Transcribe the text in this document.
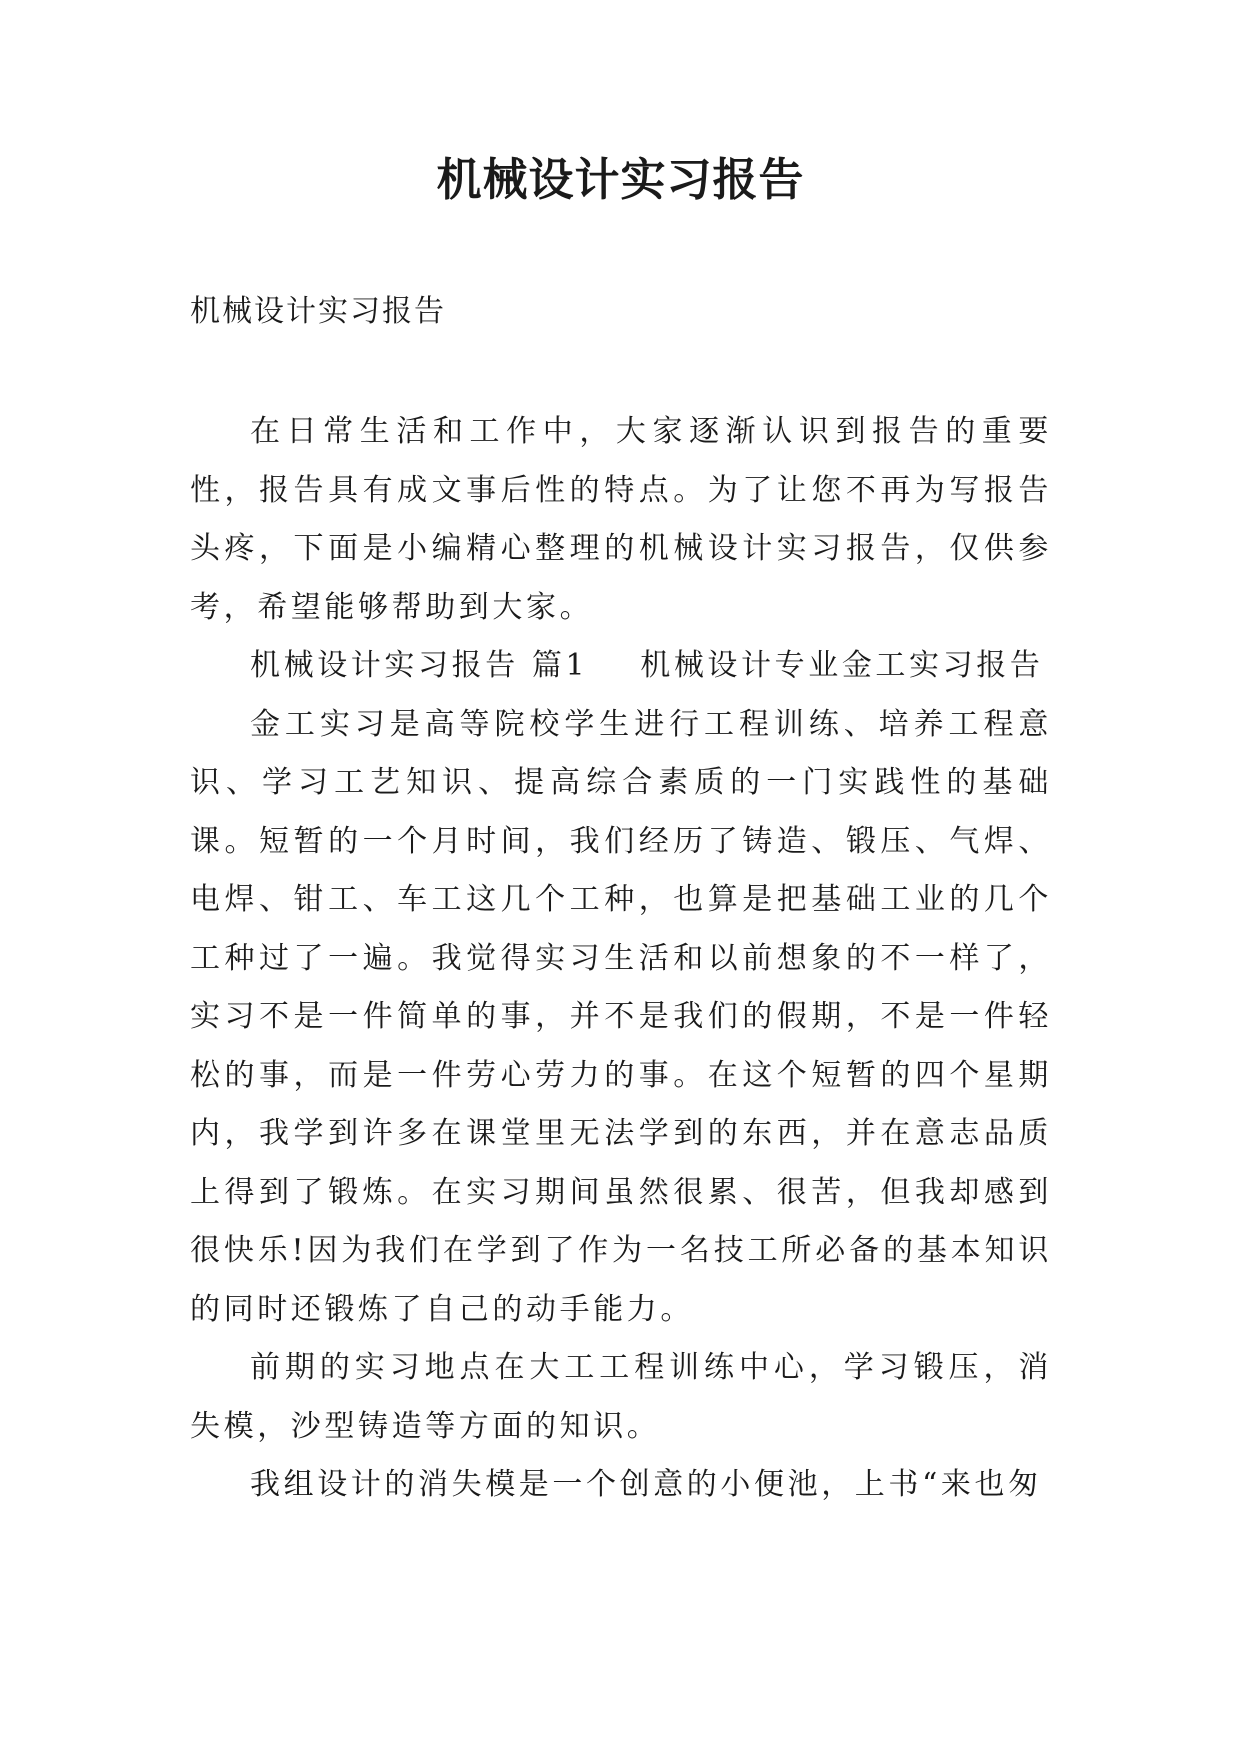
机械设计实习报告
机械设计实习报告

在日常生活和工作中，大家逐渐认识到报告的重要性，报告具有成文事后性的特点。为了让您不再为写报告头疼，下面是小编精心整理的机械设计实习报告，仅供参考，希望能够帮助到大家。

机械设计实习报告 篇1 机械设计专业金工实习报告

金工实习是高等院校学生进行工程训练、培养工程意识、学习工艺知识、提高综合素质的一门实践性的基础课。短暂的一个月时间，我们经历了铸造、锻压、气焊、电焊、钳工、车工这几个工种，也算是把基础工业的几个工种过了一遍。我觉得实习生活和以前想象的不一样了，实习不是一件简单的事，并不是我们的假期，不是一件轻松的事，而是一件劳心劳力的事。在这个短暂的四个星期内，我学到许多在课堂里无法学到的东西，并在意志品质上得到了锻炼。在实习期间虽然很累、很苦，但我却感到很快乐!因为我们在学到了作为一名技工所必备的基本知识的同时还锻炼了自己的动手能力。

前期的实习地点在大工工程训练中心，学习锻压，消失模，沙型铸造等方面的知识。

我组设计的消失模是一个创意的小便池，上书“来也匆
